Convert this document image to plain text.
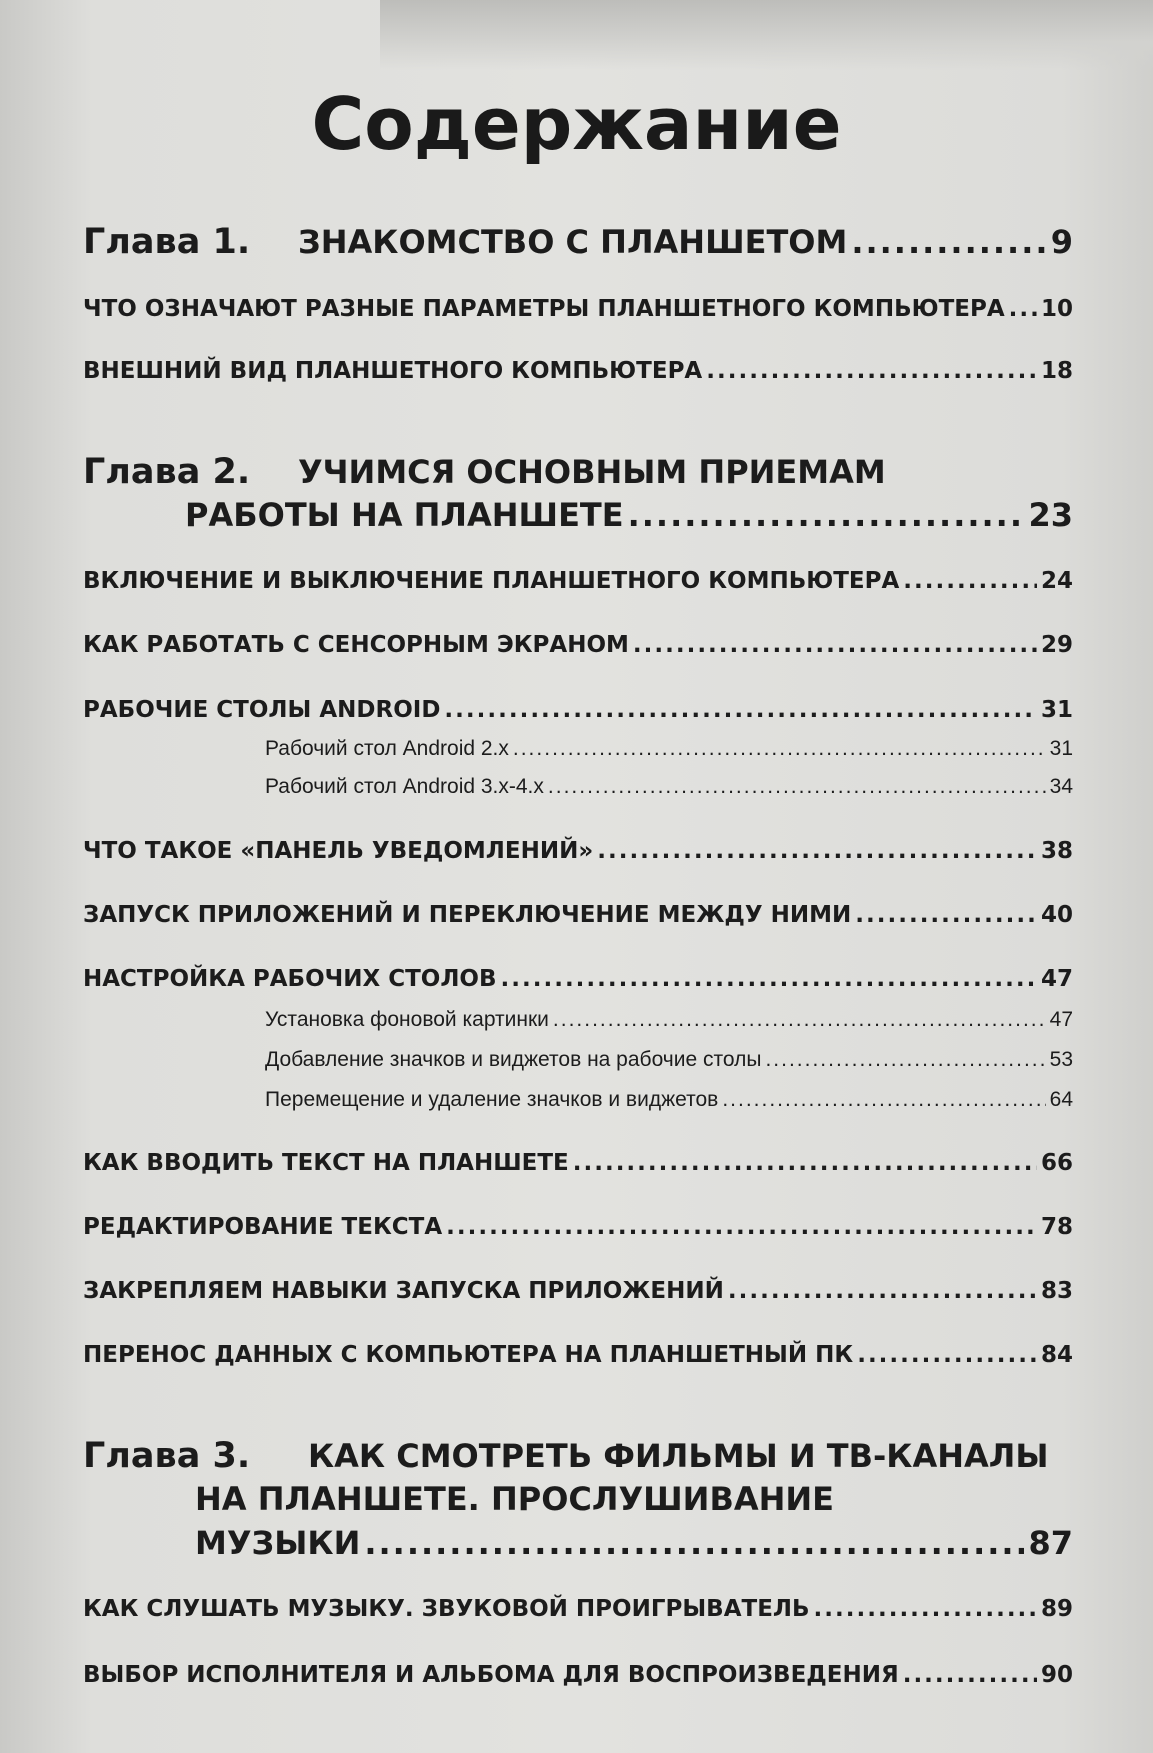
Содержание
Глава 1.	ЗНАКОМСТВО С ПЛАНШЕТОМ .....	9
ЧТО ОЗНАЧАЮТ РАЗНЫЕ ПАРАМЕТРЫ ПЛАНШЕТНОГО КОМПЬЮТЕРА ..... 10
ВНЕШНИЙ ВИД ПЛАНШЕТНОГО КОМПЬЮТЕРА .....	18
Глава 2.	УЧИМСЯ ОСНОВНЫМ ПРИЕМАМ
РАБОТЫ НА ПЛАНШЕТЕ .....	23
ВКЛЮЧЕНИЕ И ВЫКЛЮЧЕНИЕ ПЛАНШЕТНОГО КОМПЬЮТЕРА .....	24
КАК РАБОТАТЬ С СЕНСОРНЫМ ЭКРАНОМ .....	29
РАБОЧИЕ СТОЛЫ ANDROID .....	31
Рабочий стол Android 2.x .....	31
Рабочий стол Android 3.x-4.x .....	34
ЧТО ТАКОЕ «ПАНЕЛЬ УВЕДОМЛЕНИЙ» .....	38
ЗАПУСК ПРИЛОЖЕНИЙ И ПЕРЕКЛЮЧЕНИЕ МЕЖДУ НИМИ .....	40
НАСТРОЙКА РАБОЧИХ СТОЛОВ .....	47
Установка фоновой картинки .....	47
Добавление значков и виджетов на рабочие столы .....	53
Перемещение и удаление значков и виджетов .....	64
КАК ВВОДИТЬ ТЕКСТ НА ПЛАНШЕТЕ .....	66
РЕДАКТИРОВАНИЕ ТЕКСТА .....	78
ЗАКРЕПЛЯЕМ НАВЫКИ ЗАПУСКА ПРИЛОЖЕНИЙ .....	83
ПЕРЕНОС ДАННЫХ С КОМПЬЮТЕРА НА ПЛАНШЕТНЫЙ ПК .....	84
Глава 3.	КАК СМОТРЕТЬ ФИЛЬМЫ И ТВ-КАНАЛЫ
НА ПЛАНШЕТЕ. ПРОСЛУШИВАНИЕ
МУЗЫКИ .....	87
КАК СЛУШАТЬ МУЗЫКУ. ЗВУКОВОЙ ПРОИГРЫВАТЕЛЬ .....	89
ВЫБОР ИСПОЛНИТЕЛЯ И АЛЬБОМА ДЛЯ ВОСПРОИЗВЕДЕНИЯ .....	90
